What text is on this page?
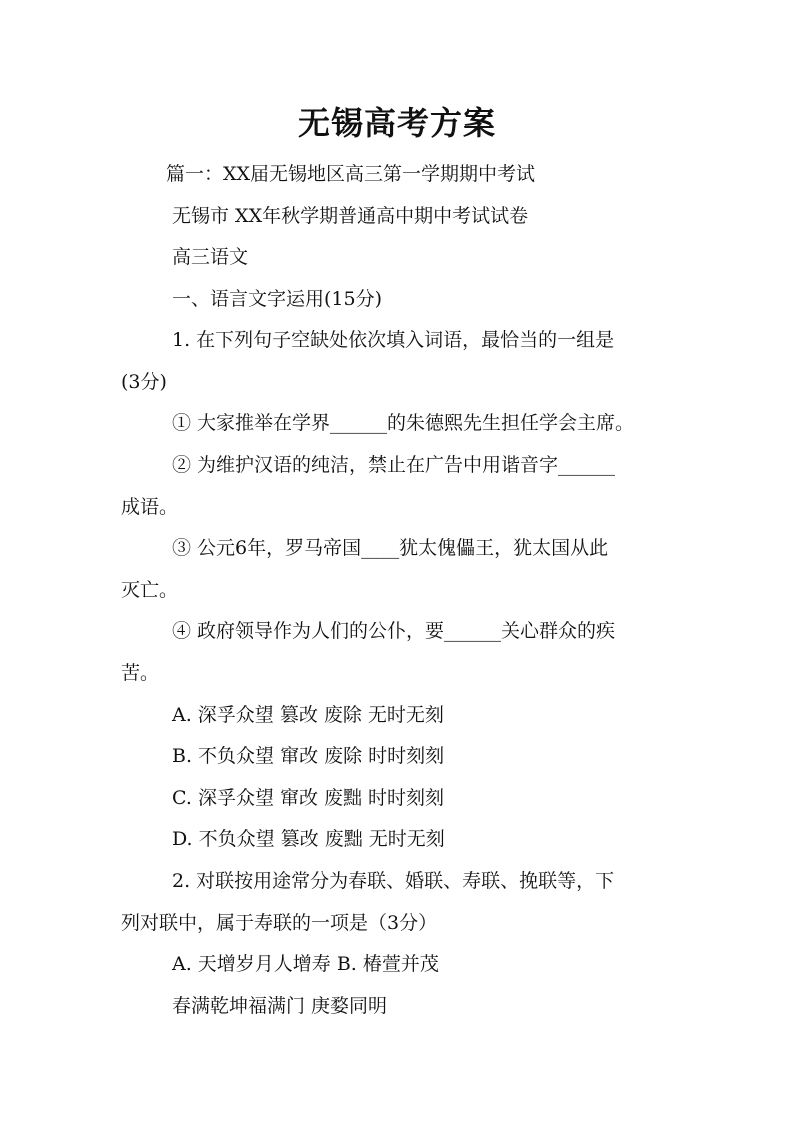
无锡高考方案
篇一：XX届无锡地区高三第一学期期中考试
无锡市 XX年秋学期普通高中期中考试试卷
高三语文
一、语言文字运用(15分)
1. 在下列句子空缺处依次填入词语，最恰当的一组是
(3分)
① 大家推举在学界______的朱德熙先生担任学会主席。
② 为维护汉语的纯洁，禁止在广告中用谐音字______
成语。
③ 公元6年，罗马帝国____犹太傀儡王，犹太国从此
灭亡。
④ 政府领导作为人们的公仆，要______关心群众的疾
苦。
A. 深孚众望 篡改 废除 无时无刻
B. 不负众望 窜改 废除 时时刻刻
C. 深孚众望 窜改 废黜 时时刻刻
D. 不负众望 篡改 废黜 无时无刻
2. 对联按用途常分为春联、婚联、寿联、挽联等，下
列对联中，属于寿联的一项是（3分）
A. 天增岁月人增寿 B. 椿萱并茂
春满乾坤福满门 庚婺同明
